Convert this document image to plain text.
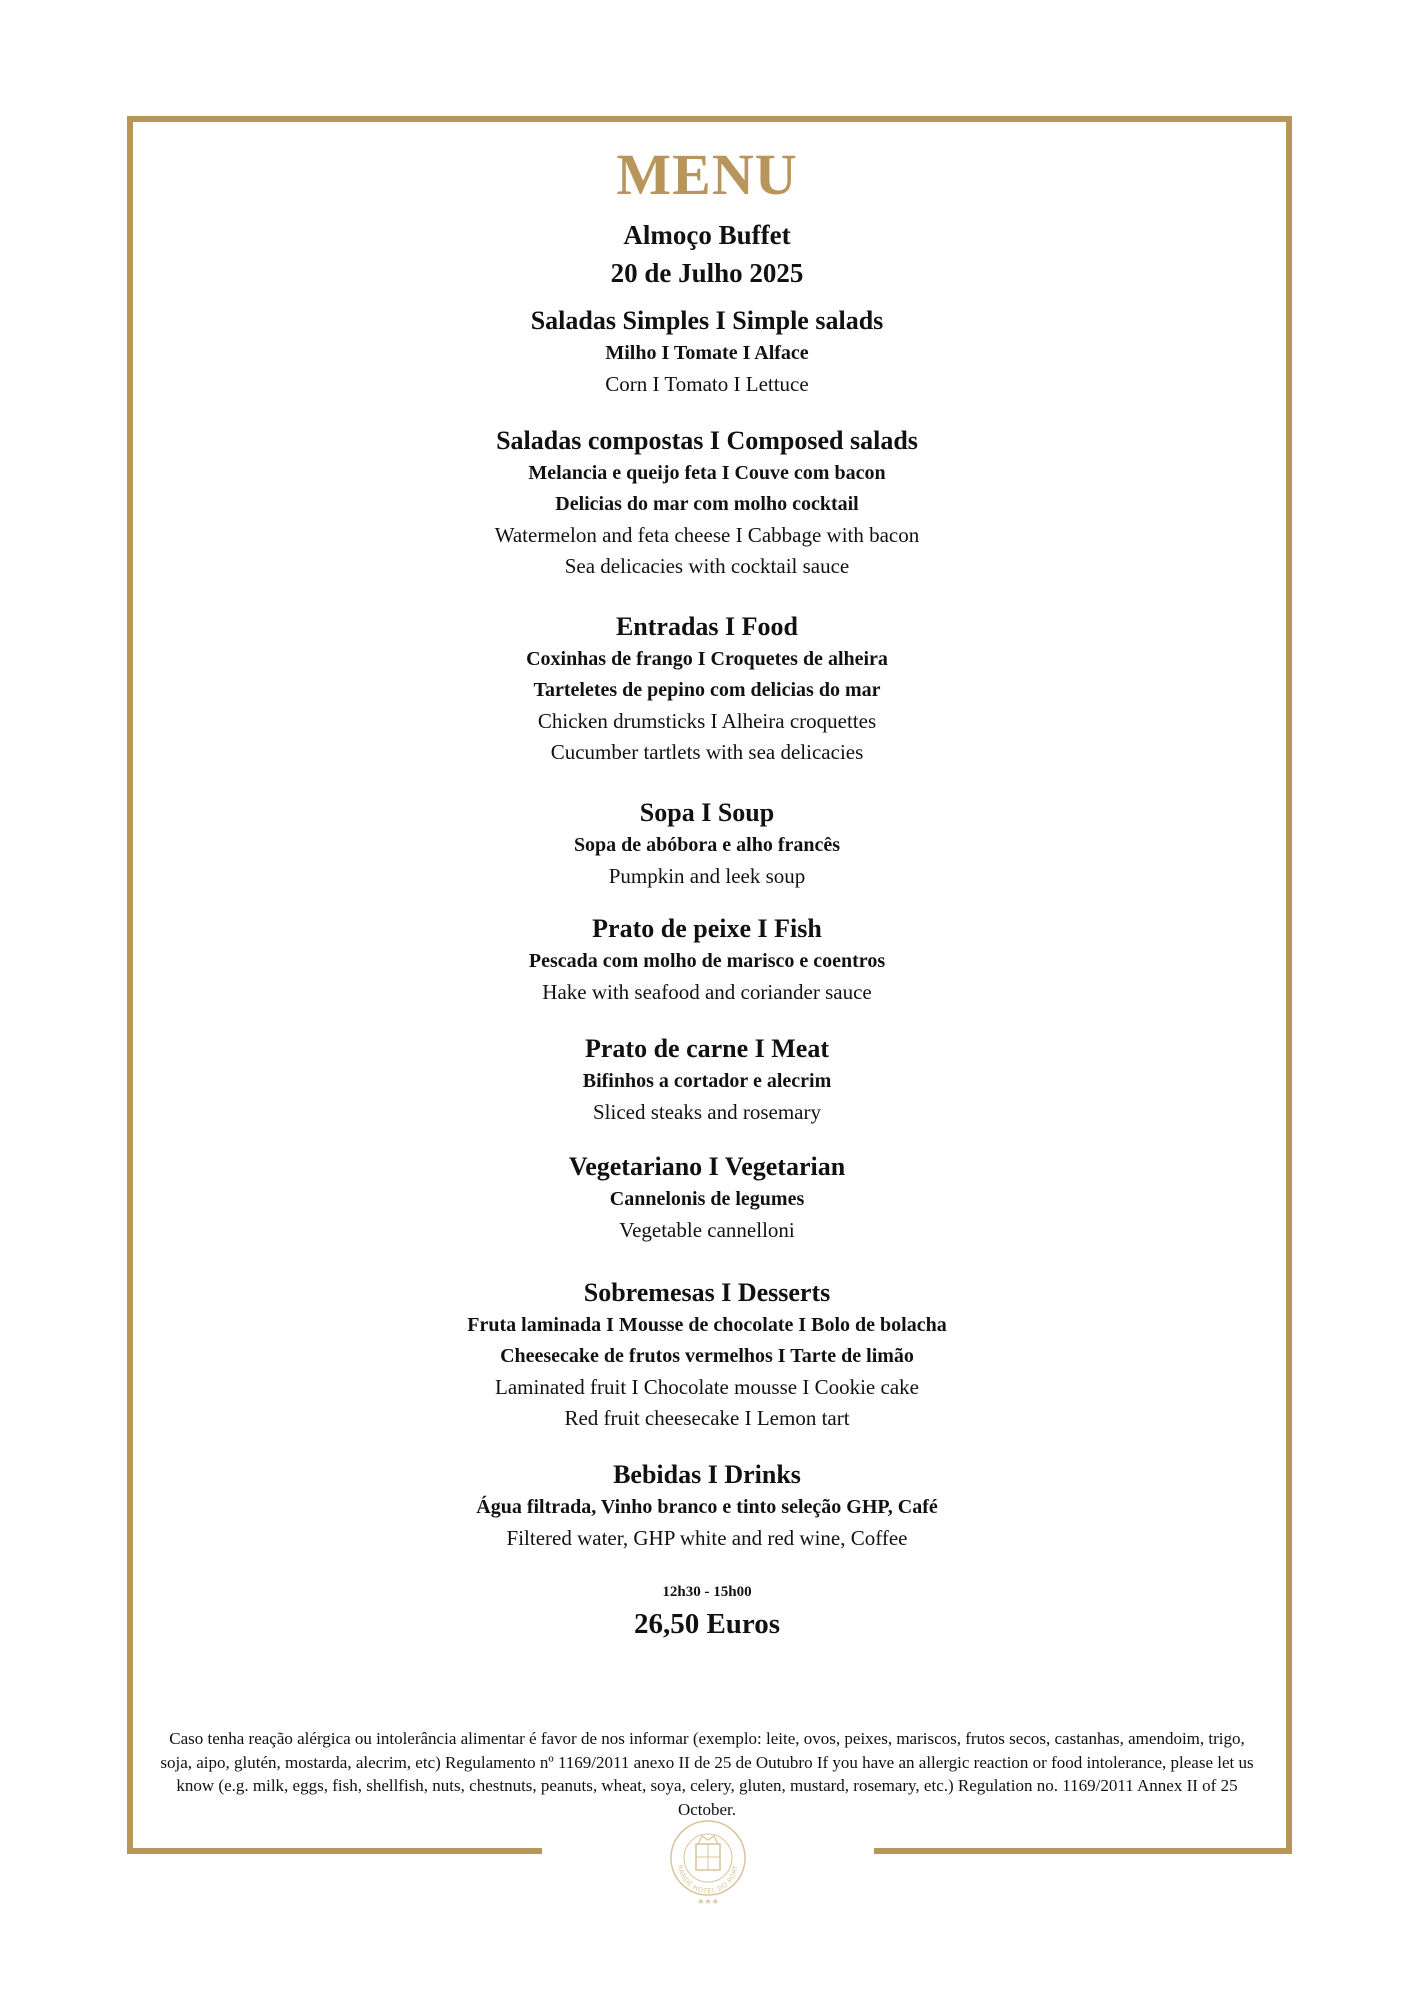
MENU

Almoço Buffet

20 de Julho 2025

Saladas Simples I Simple salads

Milho I Tomate I Alface

Corn I Tomato I Lettuce

Saladas compostas I Composed salads

Melancia e queijo feta I Couve com bacon

Delicias do mar com molho cocktail

Watermelon and feta cheese I Cabbage with bacon

Sea delicacies with cocktail sauce

Entradas I Food

Coxinhas de frango I Croquetes de alheira

Tarteletes de pepino com delicias do mar

Chicken drumsticks I Alheira croquettes

Cucumber tartlets with sea delicacies

Sopa I Soup

Sopa de abóbora e alho francês

Pumpkin and leek soup

Prato de peixe I Fish

Pescada com molho de marisco e coentros

Hake with seafood and coriander sauce

Prato de carne I Meat

Bifinhos a cortador e alecrim

Sliced steaks and rosemary

Vegetariano I Vegetarian

Cannelonis de legumes

Vegetable cannelloni

Sobremesas I Desserts

Fruta laminada I Mousse de chocolate I Bolo de bolacha

Cheesecake de frutos vermelhos I Tarte de limão

Laminated fruit I Chocolate mousse I Cookie cake

Red fruit cheesecake I Lemon tart

Bebidas I Drinks

Água filtrada, Vinho branco e tinto seleção GHP, Café

Filtered water, GHP white and red wine, Coffee

12h30 - 15h00

26,50 Euros

Caso tenha reação alérgica ou intolerância alimentar é favor de nos informar (exemplo: leite, ovos, peixes, mariscos, frutos secos, castanhas, amendoim, trigo, soja, aipo, glutén, mostarda, alecrim, etc) Regulamento nº 1169/2011 anexo II de 25 de Outubro If you have an allergic reaction or food intolerance, please let us know (e.g. milk, eggs, fish, shellfish, nuts, chestnuts, peanuts, wheat, soya, celery, gluten, mustard, rosemary, etc.) Regulation no. 1169/2011 Annex II of 25 October.

RANDE HOTEL DO PORT
★★★
